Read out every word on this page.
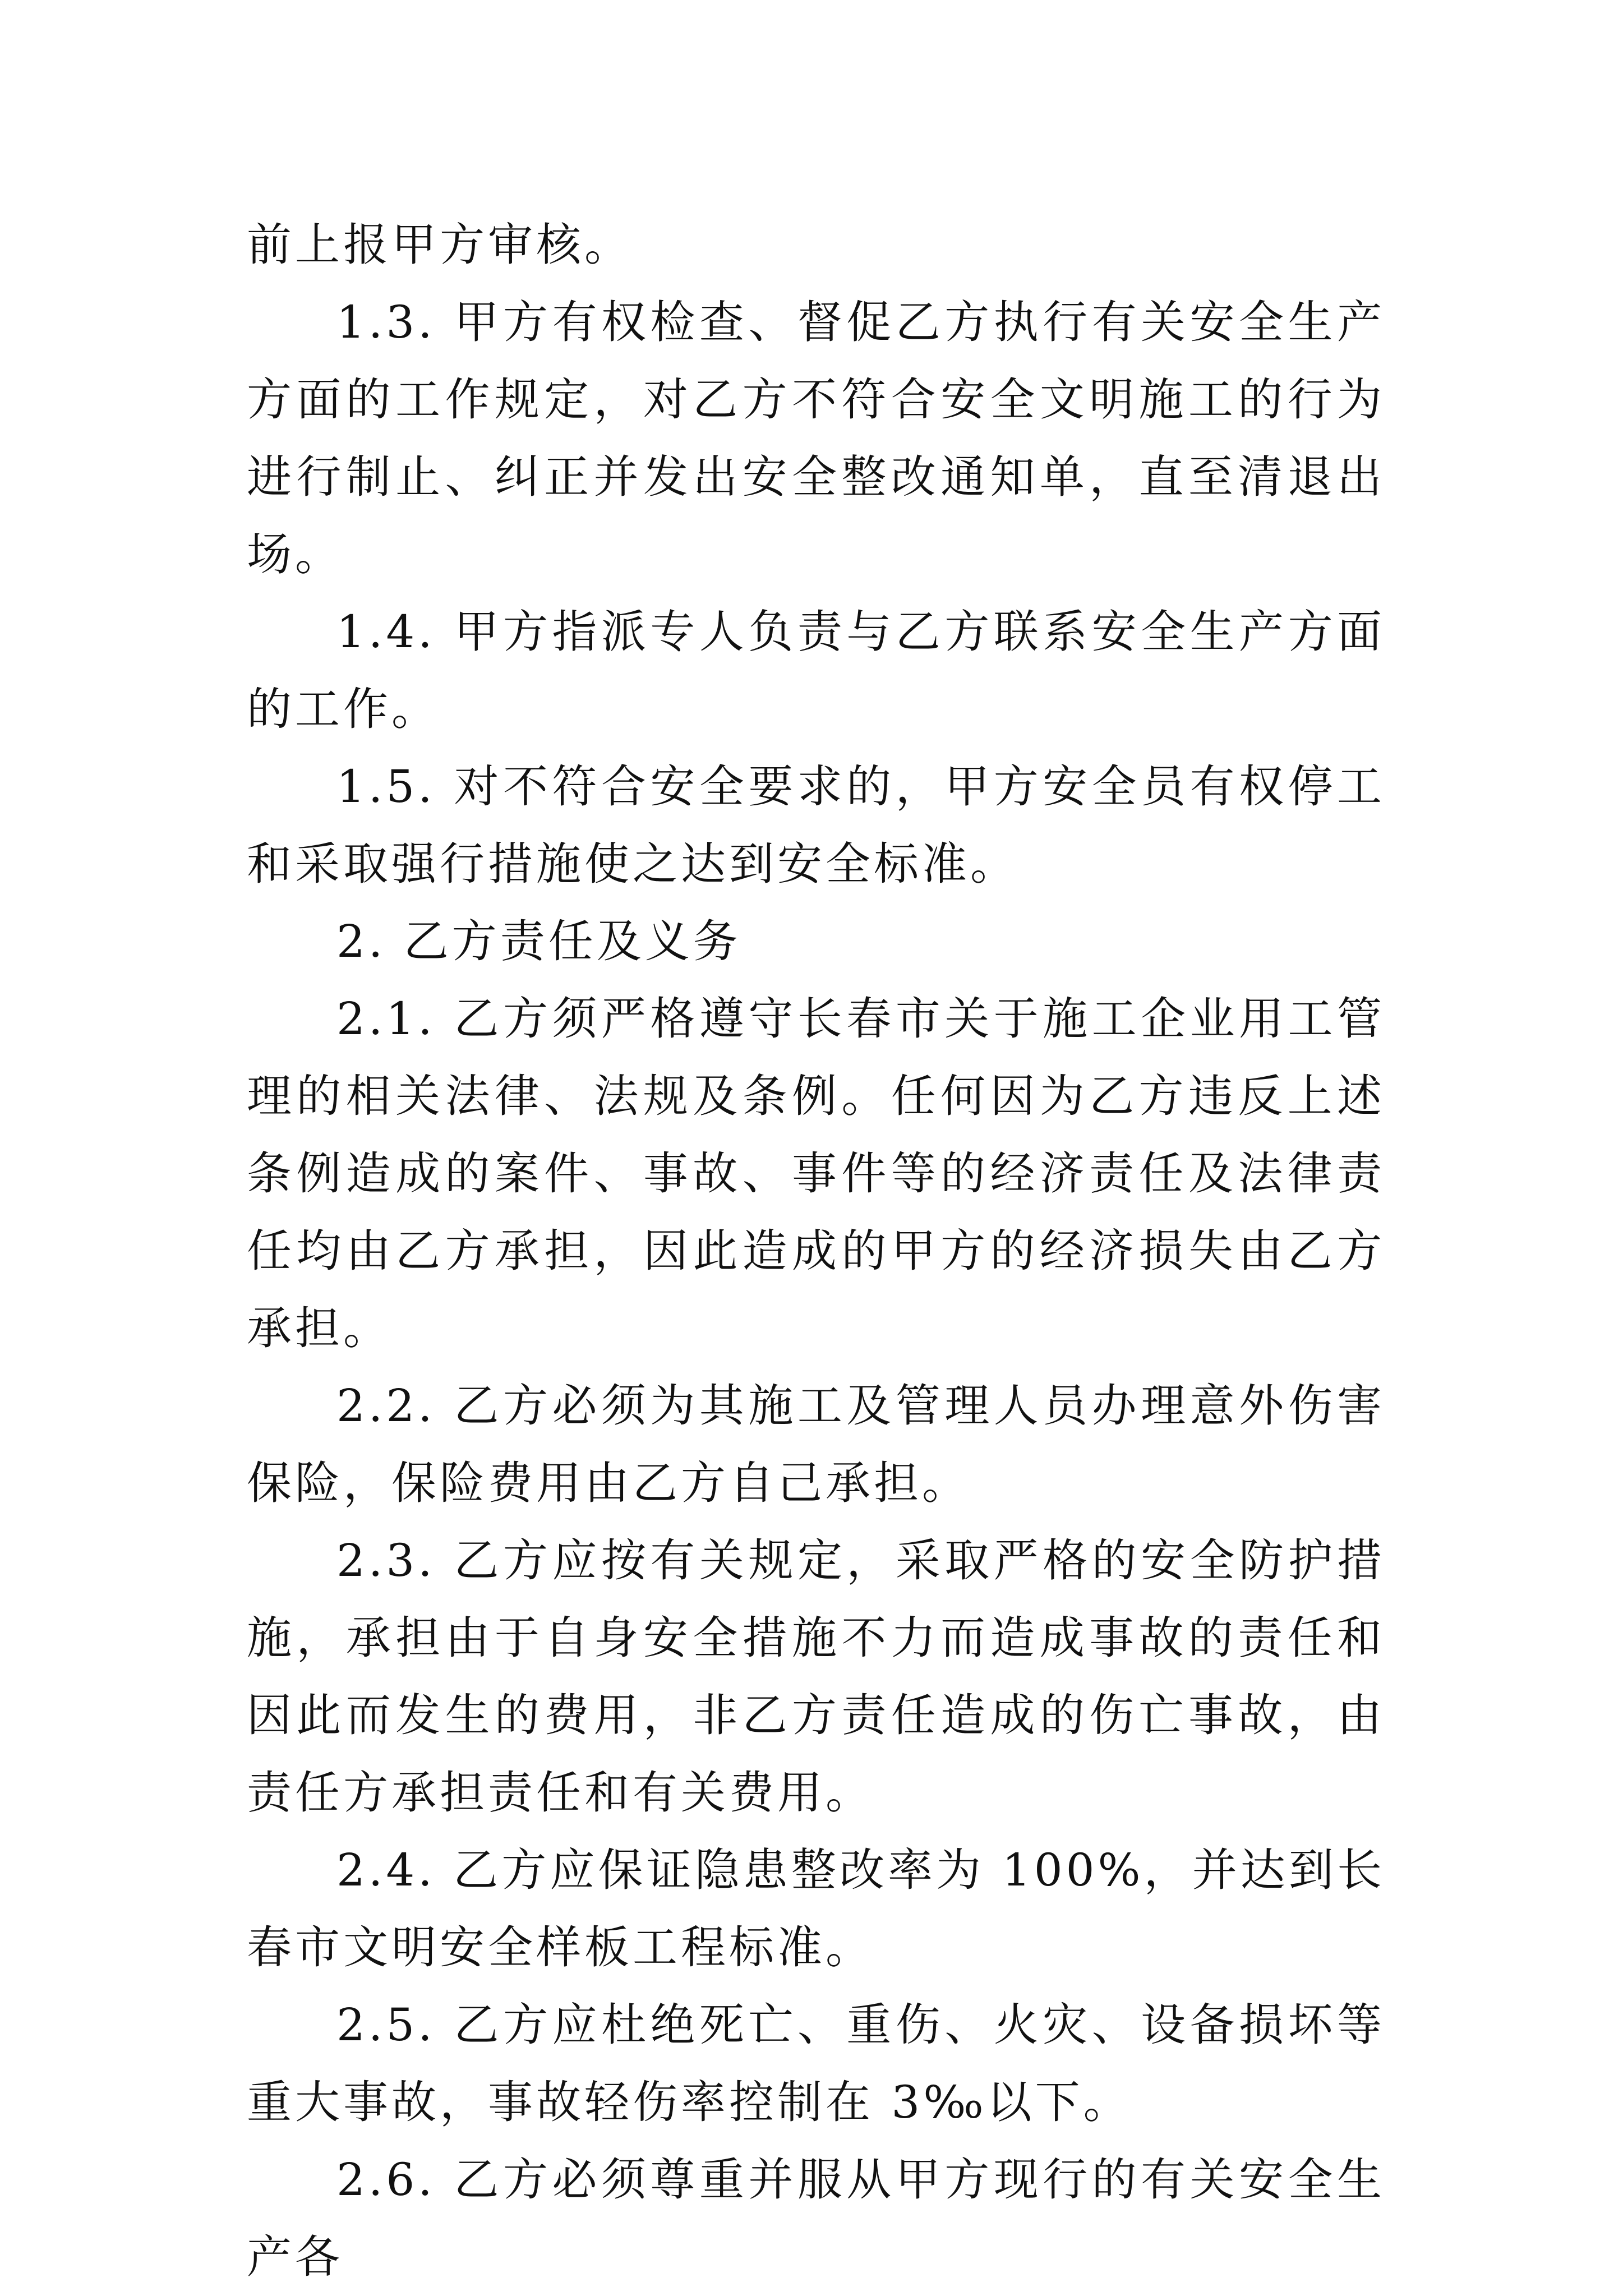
前上报甲方审核。

1.3. 甲方有权检查、督促乙方执行有关安全生产方面的工作规定，对乙方不符合安全文明施工的行为进行制止、纠正并发出安全整改通知单，直至清退出场。

1.4. 甲方指派专人负责与乙方联系安全生产方面的工作。

1.5. 对不符合安全要求的，甲方安全员有权停工和采取强行措施使之达到安全标准。

2. 乙方责任及义务

2.1. 乙方须严格遵守长春市关于施工企业用工管理的相关法律、法规及条例。任何因为乙方违反上述条例造成的案件、事故、事件等的经济责任及法律责任均由乙方承担，因此造成的甲方的经济损失由乙方承担。

2.2. 乙方必须为其施工及管理人员办理意外伤害保险，保险费用由乙方自己承担。

2.3. 乙方应按有关规定，采取严格的安全防护措施，承担由于自身安全措施不力而造成事故的责任和因此而发生的费用，非乙方责任造成的伤亡事故，由责任方承担责任和有关费用。

2.4. 乙方应保证隐患整改率为 100%，并达到长春市文明安全样板工程标准。

2.5. 乙方应杜绝死亡、重伤、火灾、设备损坏等重大事故，事故轻伤率控制在 3‰以下。

2.6. 乙方必须尊重并服从甲方现行的有关安全生产各
